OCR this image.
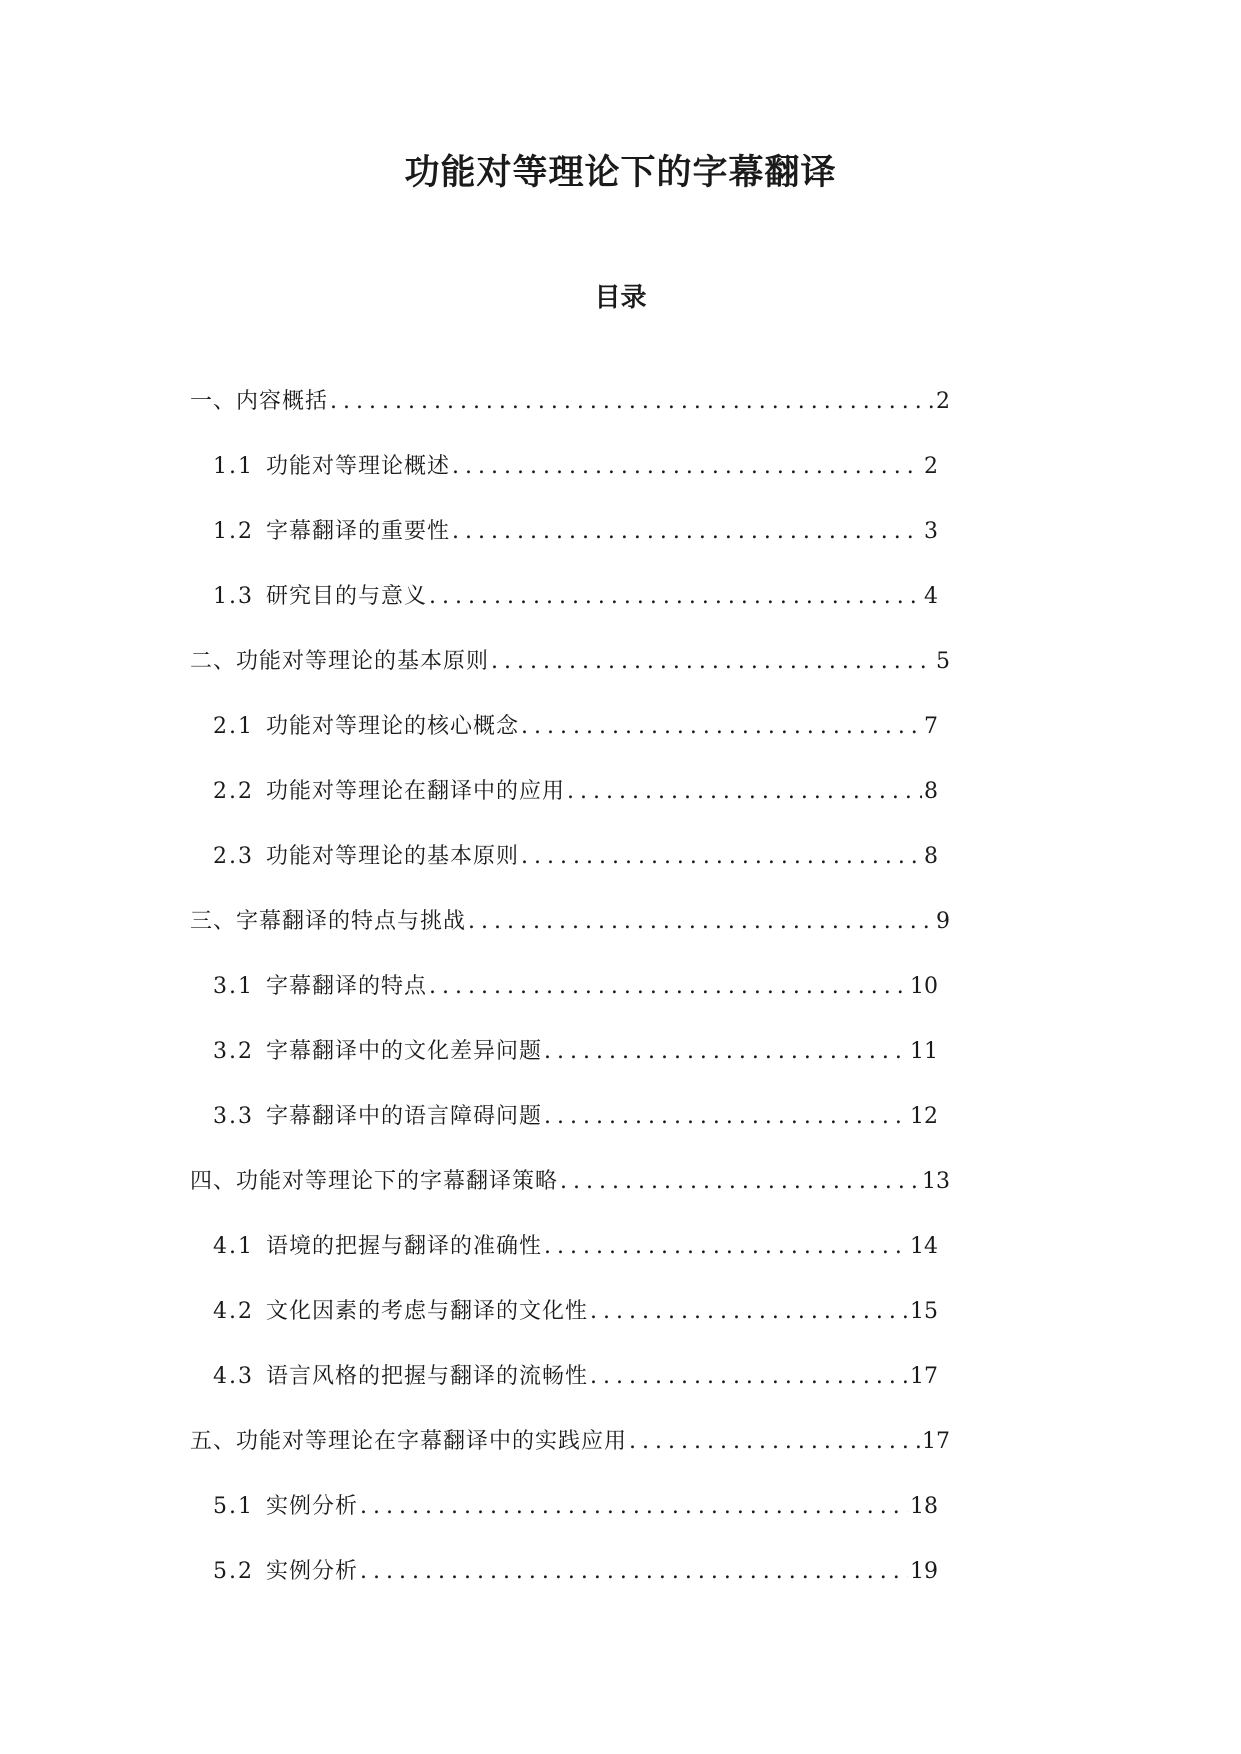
功能对等理论下的字幕翻译
目录
一、内容概括 .....	2
1.1 功能对等理论概述 .....	2
1.2 字幕翻译的重要性 .....	3
1.3 研究目的与意义 .....	4
二、功能对等理论的基本原则 .....	5
2.1 功能对等理论的核心概念 .....	7
2.2 功能对等理论在翻译中的应用 .....	8
2.3 功能对等理论的基本原则 .....	8
三、字幕翻译的特点与挑战 .....	9
3.1 字幕翻译的特点 .....	10
3.2 字幕翻译中的文化差异问题 .....	11
3.3 字幕翻译中的语言障碍问题 .....	12
四、功能对等理论下的字幕翻译策略 .....	13
4.1 语境的把握与翻译的准确性 .....	14
4.2 文化因素的考虑与翻译的文化性 .....	15
4.3 语言风格的把握与翻译的流畅性 .....	17
五、功能对等理论在字幕翻译中的实践应用 .....	17
5.1 实例分析 .....	18
5.2 实例分析 .....	19
